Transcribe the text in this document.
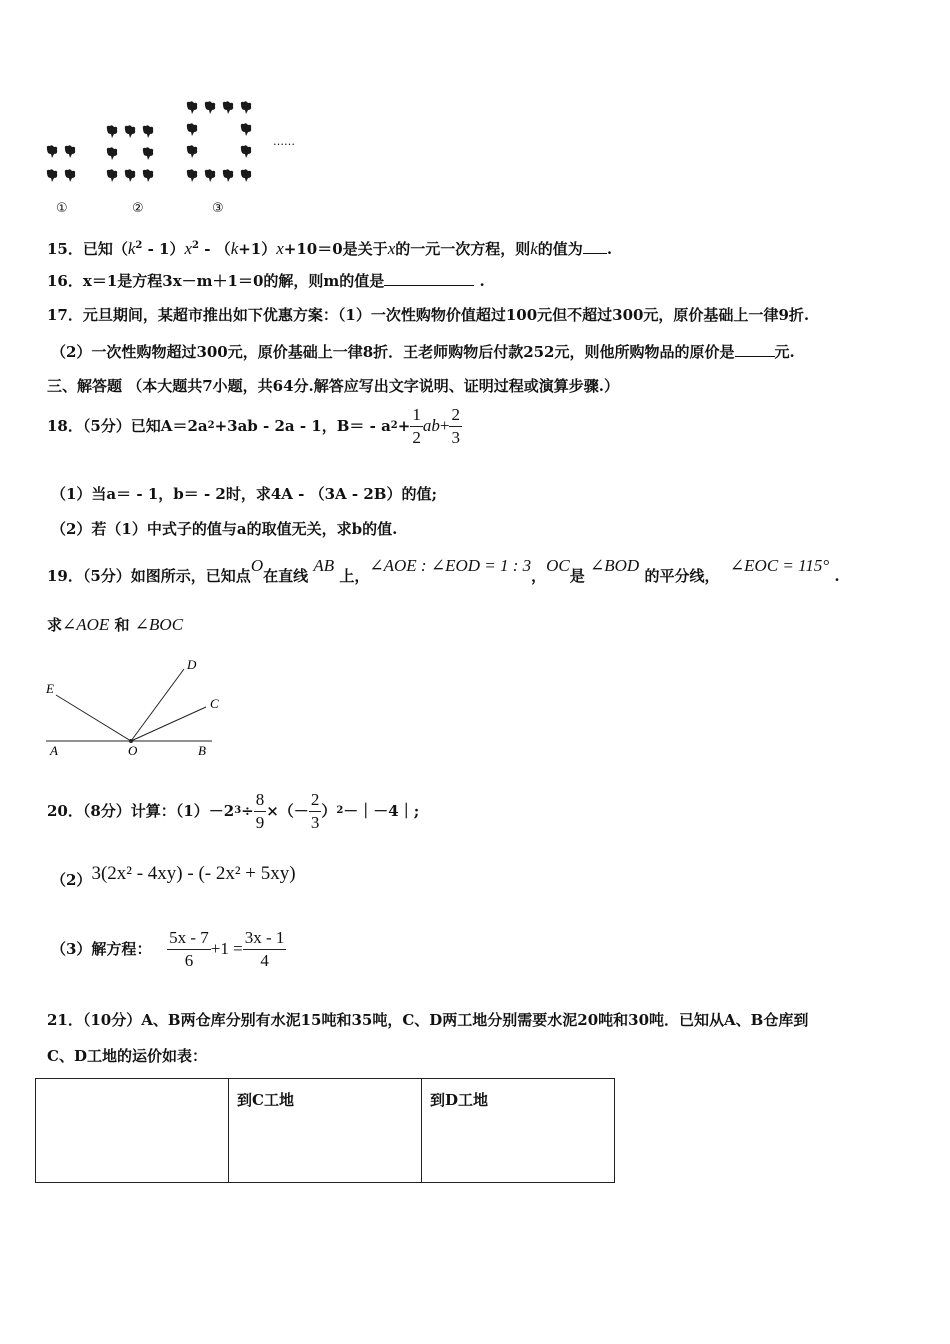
①	②	③
……
15．已知$(k^2 - 1)x^2 - (k+1)x+10=0$是关于x的一元一次方程，则k的值为 .
16．x＝1是方程3x－m＋1＝0的解，则m的值是	.
17．元旦期间，某超市推出如下优惠方案：（1）一次性购物价值超过100元但不超过300元，原价基础上一律9折.
（2）一次性购物超过300元，原价基础上一律8折．王老师购物后付款252元，则他所购物品的原价是	元.
三、解答题 （本大题共7小题，共64分.解答应写出文字说明、证明过程或演算步骤.）
18．（5分）已知A＝2a 2 +3ab - 2a - 1，B＝ - a $2 + \frac{1}{2}$ ab + $\frac{2}{3}$
（1）当a＝ - 1，b＝ - 2时，求4A - （3A - 2B）的值;
（2）若（1）中式子的值与a的取值无关，求b的值.
19．（5分）如图所示，已知点O在直线 AB 上，∠AOE : ∠EOD = 1 : 3，OC是 ∠BOD 的平分线，  ∠EOC = 115° .
求∠AOE 和 ∠BOC
E
D
C
A	O	B
20．（8分）计算：（1）－2 $3 \div \frac{8}{9}$ ×（－ $\frac{2}{3}$ ） 2 －｜－4｜;
（2）3(2x² - 4xy) - (- 2x² + 5xy)
（3）解方程：
$\frac{5x - 7}{6} +1 = \frac{3x - 1}{4}$
21．（10分）A、B两仓库分别有水泥15吨和35吨，C、D两工地分别需要水泥20吨和30吨．已知从A、B仓库到
C、D工地的运价如表：
	到C工地	到D工地
